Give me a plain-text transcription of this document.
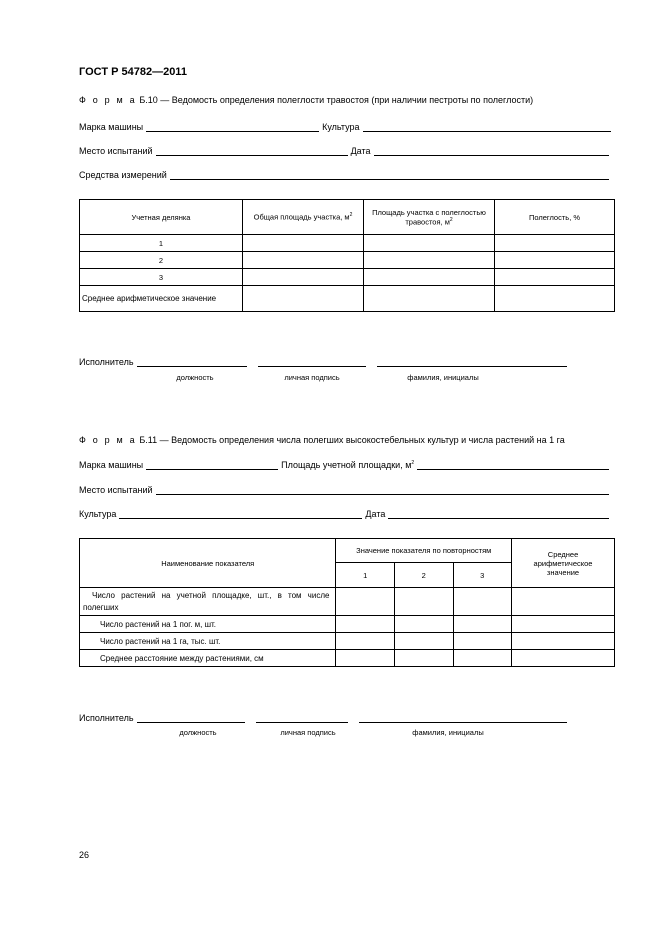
ГОСТ Р 54782—2011
Ф о р м а Б.10 — Ведомость определения полеглости травостоя (при наличии пестроты по полеглости)
Марка машины	Культура
Место испытаний	Дата
Средства измерений
Учетная делянка	Общая площадь участка, $м^2$	Площадь участка с полеглостью травостоя, $м^2$	Полеглость, %
1			
2			
3			
Среднее арифметическое значение			
Исполнитель
должность	личная подпись	фамилия, инициалы
Ф о р м а Б.11 — Ведомость определения числа полегших высокостебельных культур и числа растений на 1 га
Марка машины	Площадь учетной площадки, $м^2$
Место испытаний
Культура	Дата
Наименование показателя	Значение показателя по повторностям			Среднее арифметическое значение
	1	2	3	
Число растений на учетной площадке, шт., в том числе полегших				
Число растений на 1 пог. м, шт.				
Число растений на 1 га, тыс. шт.				
Среднее расстояние между растениями, см				
Исполнитель
должность	личная подпись	фамилия, инициалы
26
